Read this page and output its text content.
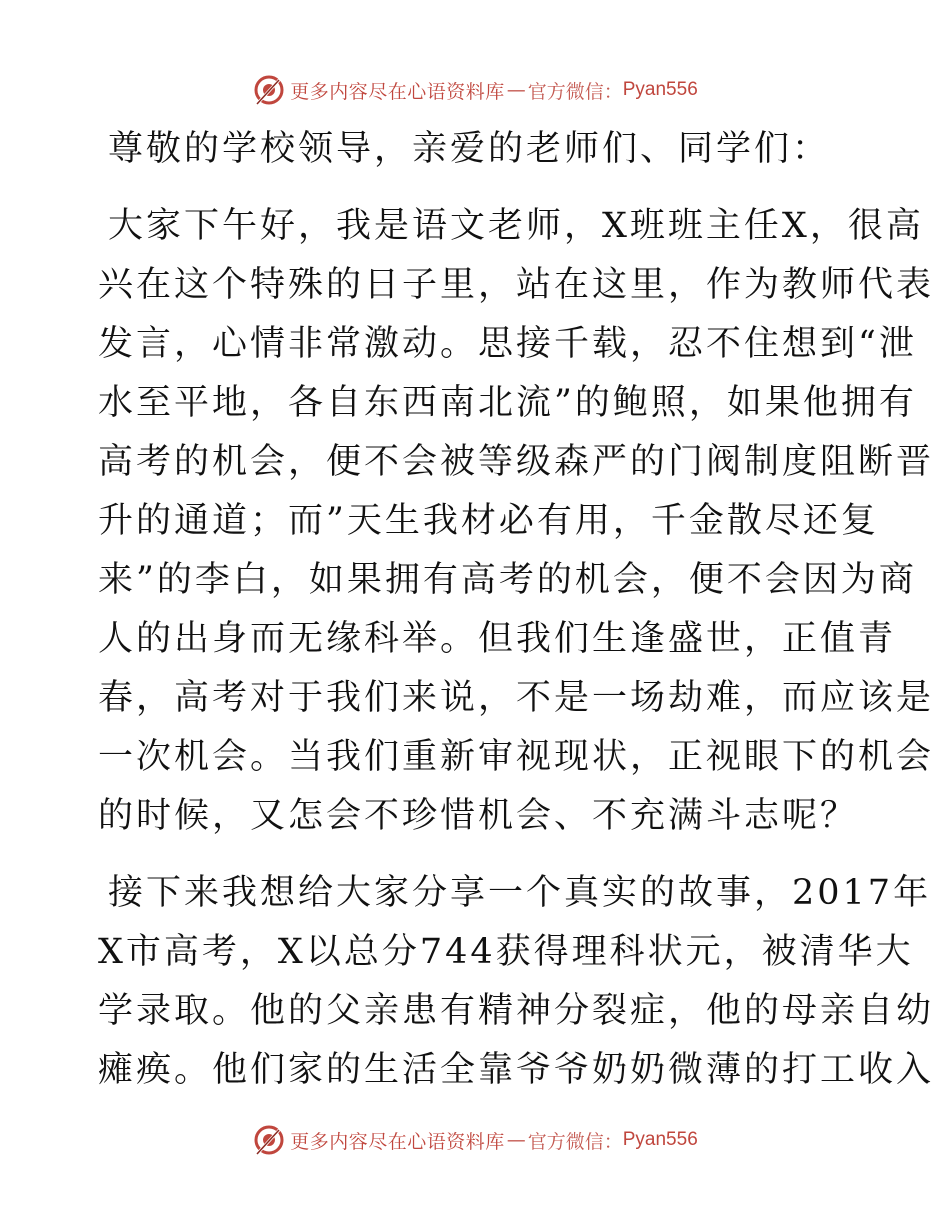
更多内容尽在心语资料库 — 官方微信： Pyan556
尊敬的学校领导，亲爱的老师们、同学们：
大家下午好，我是语文老师，X班班主任X，很高
兴在这个特殊的日子里，站在这里，作为教师代表
发言，心情非常激动。思接千载，忍不住想到“泄
水至平地，各自东西南北流”的鲍照，如果他拥有
高考的机会，便不会被等级森严的门阀制度阻断晋
升的通道；而”天生我材必有用，千金散尽还复
来”的李白，如果拥有高考的机会，便不会因为商
人的出身而无缘科举。但我们生逢盛世，正值青
春，高考对于我们来说，不是一场劫难，而应该是
一次机会。当我们重新审视现状，正视眼下的机会
的时候，又怎会不珍惜机会、不充满斗志呢？
接下来我想给大家分享一个真实的故事，2017年
X市高考，X以总分744获得理科状元，被清华大
学录取。他的父亲患有精神分裂症，他的母亲自幼
瘫痪。他们家的生活全靠爷爷奶奶微薄的打工收入
更多内容尽在心语资料库 — 官方微信： Pyan556
